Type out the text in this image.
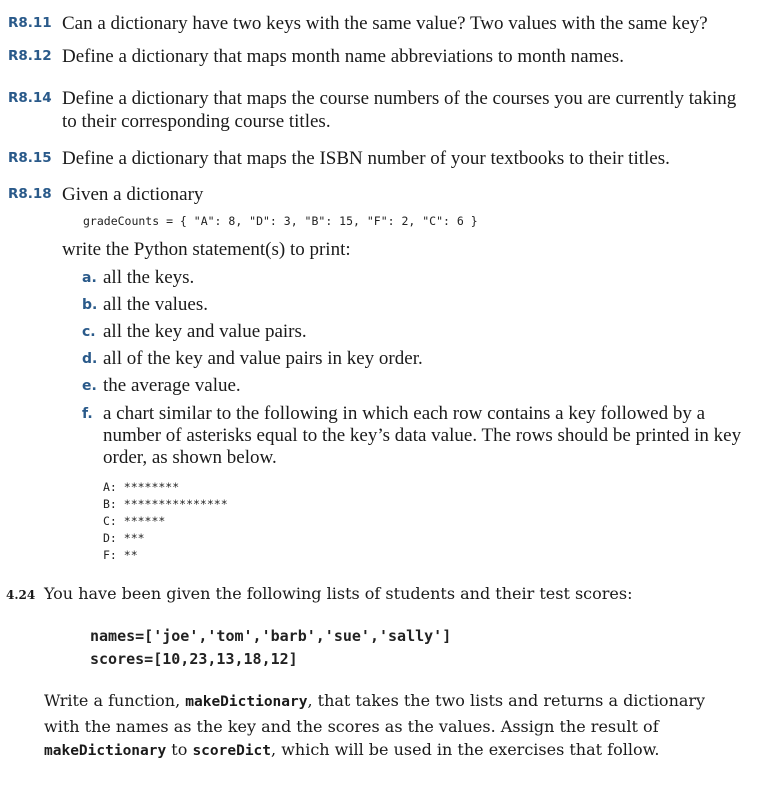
R8.11 Can a dictionary have two keys with the same value? Two values with the same key?
R8.12 Define a dictionary that maps month name abbreviations to month names.
R8.14 Define a dictionary that maps the course numbers of the courses you are currently taking to their corresponding course titles.
R8.15 Define a dictionary that maps the ISBN number of your textbooks to their titles.
R8.18 Given a dictionary
gradeCounts = { "A": 8, "D": 3, "B": 15, "F": 2, "C": 6 }
write the Python statement(s) to print:
a. all the keys.
b. all the values.
c. all the key and value pairs.
d. all of the key and value pairs in key order.
e. the average value.
f. a chart similar to the following in which each row contains a key followed by a number of asterisks equal to the key’s data value. The rows should be printed in key order, as shown below.
A: ********
B: ***************
C: ******
D: ***
F: **
4.24 You have been given the following lists of students and their test scores:
names=['joe','tom','barb','sue','sally']
scores=[10,23,13,18,12]
Write a function, makeDictionary, that takes the two lists and returns a dictionary with the names as the key and the scores as the values. Assign the result of makeDictionary to scoreDict, which will be used in the exercises that follow.
